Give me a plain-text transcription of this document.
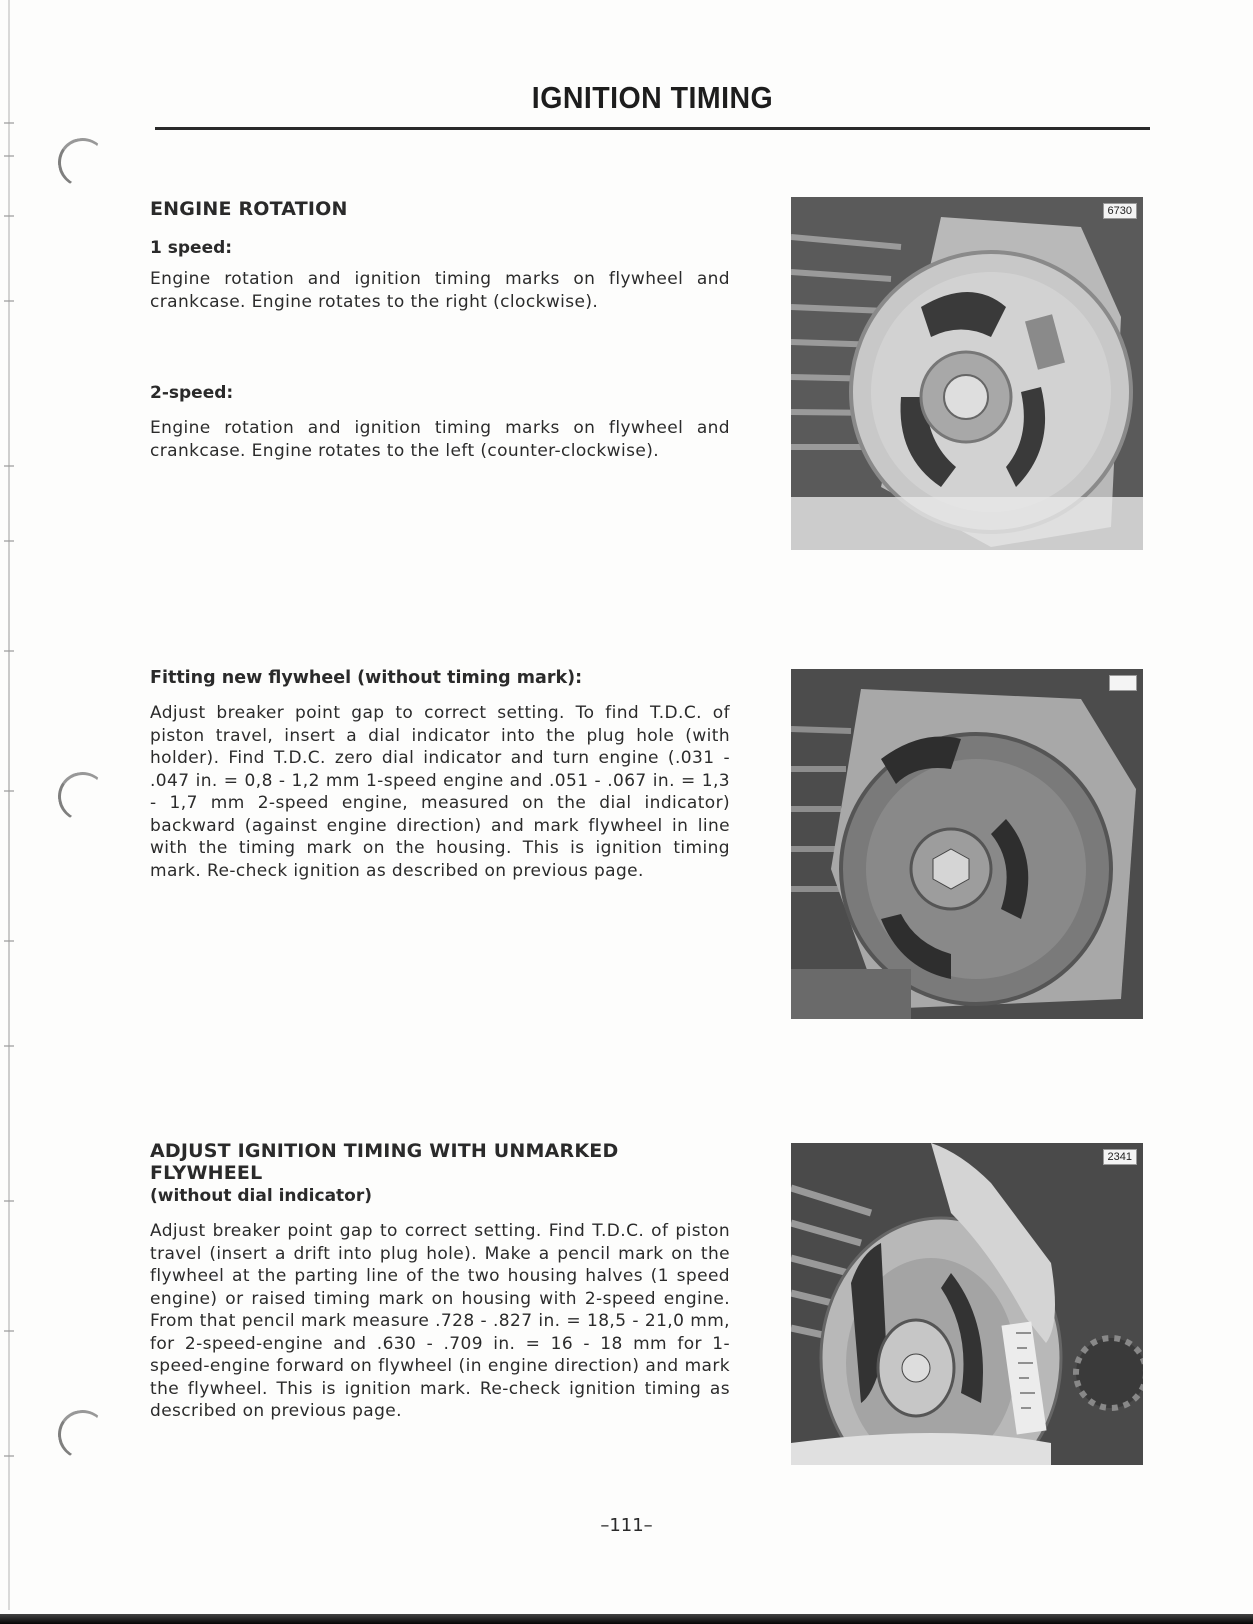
IGNITION TIMING
ENGINE ROTATION
1 speed:

Engine rotation and ignition timing marks on flywheel and crankcase. Engine rotates to the right (clockwise).

2-speed:

Engine rotation and ignition timing marks on flywheel and crankcase. Engine rotates to the left (counter-clockwise).

Fitting new flywheel (without timing mark):

Adjust breaker point gap to correct setting. To find T.D.C. of piston travel, insert a dial indicator into the plug hole (with holder). Find T.D.C. zero dial indicator and turn engine (.031 - .047 in. = 0,8 - 1,2 mm 1-speed engine and .051 - .067 in. = 1,3 - 1,7 mm 2-speed engine, measured on the dial indicator) backward (against engine direction) and mark flywheel in line with the timing mark on the housing. This is ignition timing mark. Re-check ignition as described on previous page.

ADJUST IGNITION TIMING WITH UNMARKED FLYWHEEL
(without dial indicator)

Adjust breaker point gap to correct setting. Find T.D.C. of piston travel (insert a drift into plug hole). Make a pencil mark on the flywheel at the parting line of the two housing halves (1 speed engine) or raised timing mark on housing with 2-speed engine. From that pencil mark measure .728 - .827 in. = 18,5 - 21,0 mm, for 2-speed-engine and .630 - .709 in. = 16 - 18 mm for 1-speed-engine forward on flywheel (in engine direction) and mark the flywheel. This is ignition mark. Re-check ignition timing as described on previous page.

6730

2341
–111–
